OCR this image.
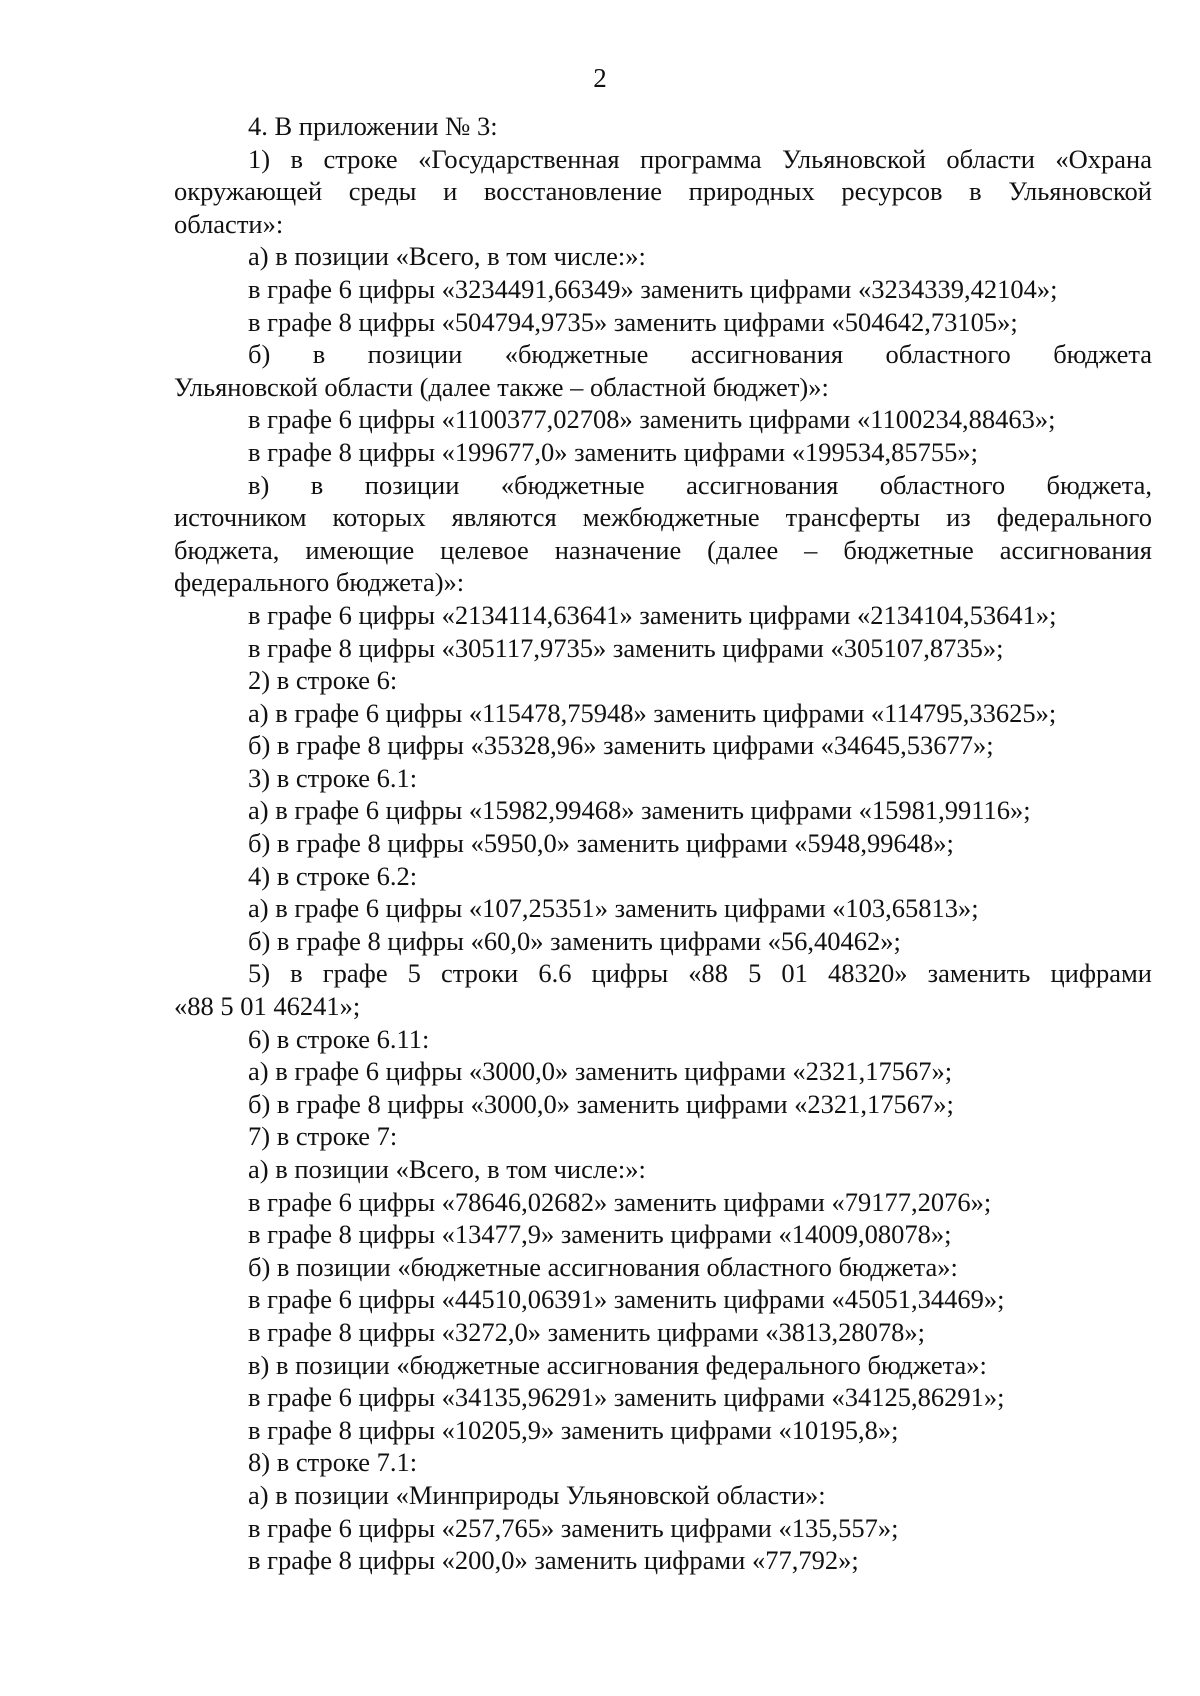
2

4. В приложении № 3:

1) в строке «Государственная программа Ульяновской области «Охрана

окружающей среды и восстановление природных ресурсов в Ульяновской

области»:

а) в позиции «Всего, в том числе:»:

в графе 6 цифры «3234491,66349» заменить цифрами «3234339,42104»;

в графе 8 цифры «504794,9735» заменить цифрами «504642,73105»;

б) в позиции «бюджетные ассигнования областного бюджета

Ульяновской области (далее также – областной бюджет)»:

в графе 6 цифры «1100377,02708» заменить цифрами «1100234,88463»;

в графе 8 цифры «199677,0» заменить цифрами «199534,85755»;

в) в позиции «бюджетные ассигнования областного бюджета,

источником которых являются межбюджетные трансферты из федерального

бюджета, имеющие целевое назначение (далее – бюджетные ассигнования

федерального бюджета)»:

в графе 6 цифры «2134114,63641» заменить цифрами «2134104,53641»;

в графе 8 цифры «305117,9735» заменить цифрами «305107,8735»;

2) в строке 6:

а) в графе 6 цифры «115478,75948» заменить цифрами «114795,33625»;

б) в графе 8 цифры «35328,96» заменить цифрами «34645,53677»;

3) в строке 6.1:

а) в графе 6 цифры «15982,99468» заменить цифрами «15981,99116»;

б) в графе 8 цифры «5950,0» заменить цифрами «5948,99648»;

4) в строке 6.2:

а) в графе 6 цифры «107,25351» заменить цифрами «103,65813»;

б) в графе 8 цифры «60,0» заменить цифрами «56,40462»;

5) в графе 5 строки 6.6 цифры «88 5 01 48320» заменить цифрами

«88 5 01 46241»;

6) в строке 6.11:

а) в графе 6 цифры «3000,0» заменить цифрами «2321,17567»;

б) в графе 8 цифры «3000,0» заменить цифрами «2321,17567»;

7) в строке 7:

а) в позиции «Всего, в том числе:»:

в графе 6 цифры «78646,02682» заменить цифрами «79177,2076»;

в графе 8 цифры «13477,9» заменить цифрами «14009,08078»;

б) в позиции «бюджетные ассигнования областного бюджета»:

в графе 6 цифры «44510,06391» заменить цифрами «45051,34469»;

в графе 8 цифры «3272,0» заменить цифрами «3813,28078»;

в) в позиции «бюджетные ассигнования федерального бюджета»:

в графе 6 цифры «34135,96291» заменить цифрами «34125,86291»;

в графе 8 цифры «10205,9» заменить цифрами «10195,8»;

8) в строке 7.1:

а) в позиции «Минприроды Ульяновской области»:

в графе 6 цифры «257,765» заменить цифрами «135,557»;

в графе 8 цифры «200,0» заменить цифрами «77,792»;
